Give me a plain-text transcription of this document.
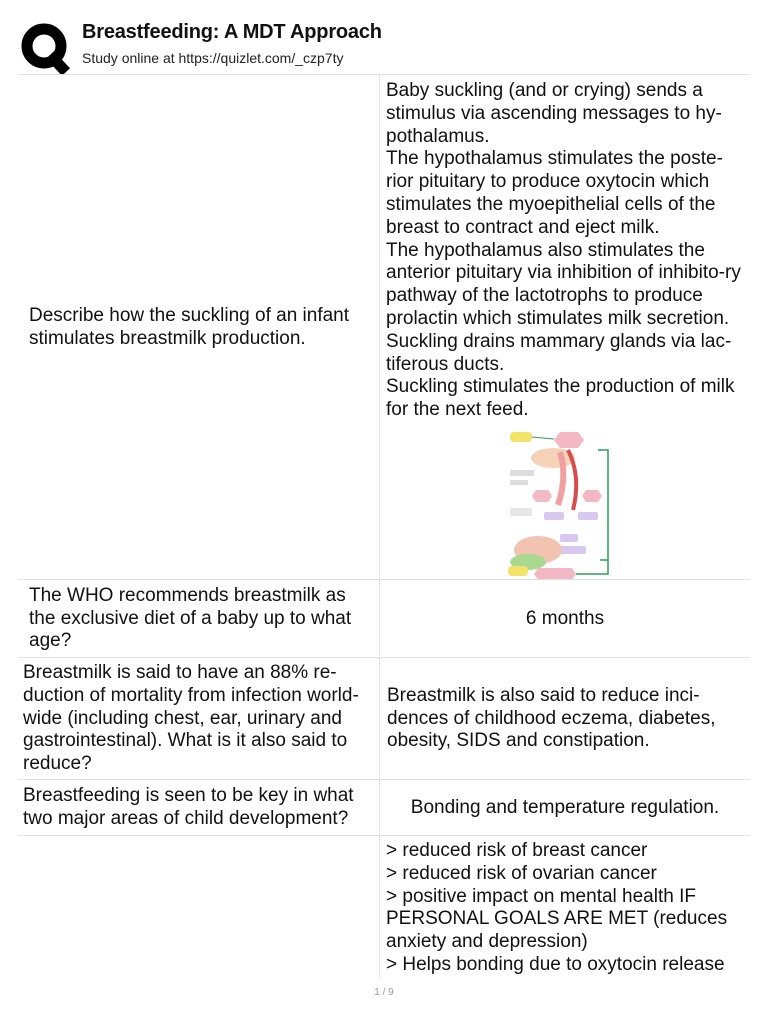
Breastfeeding: A MDT Approach
Study online at https://quizlet.com/_czp7ty
Describe how the suckling of an infant stimulates breastmilk production.

Baby suckling (and or crying) sends a stimulus via ascending messages to hy-pothalamus.

The hypothalamus stimulates the poste-rior pituitary to produce oxytocin which stimulates the myoepithelial cells of the breast to contract and eject milk.

The hypothalamus also stimulates the anterior pituitary via inhibition of inhibito-ry pathway of the lactotrophs to produce prolactin which stimulates milk secretion.

Suckling drains mammary glands via lac-tiferous ducts.

Suckling stimulates the production of milk for the next feed.

The WHO recommends breastmilk as the exclusive diet of a baby up to what age?
6 months
Breastmilk is said to have an 88% re-duction of mortality from infection world-wide (including chest, ear, urinary and gastrointestinal). What is it also said to reduce?
Breastmilk is also said to reduce inci-dences of childhood eczema, diabetes, obesity, SIDS and constipation.
Breastfeeding is seen to be key in what two major areas of child development?
Bonding and temperature regulation.

> reduced risk of breast cancer

> reduced risk of ovarian cancer

> positive impact on mental health IF PERSONAL GOALS ARE MET (reduces anxiety and depression)

> Helps bonding due to oxytocin release

1 / 9
